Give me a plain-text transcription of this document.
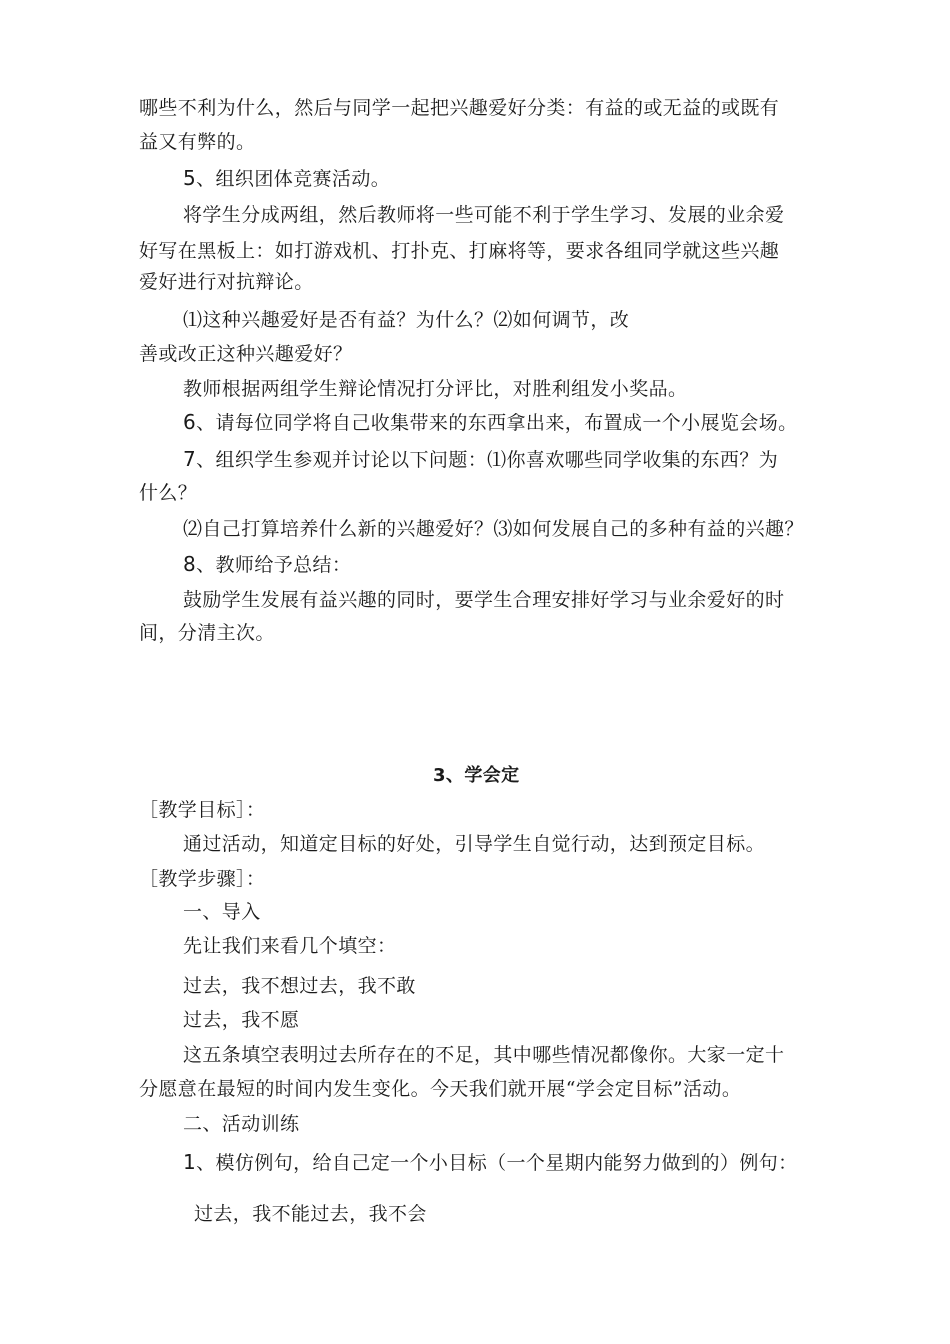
哪些不利为什么，然后与同学一起把兴趣爱好分类：有益的或无益的或既有
益又有弊的。
5、组织团体竞赛活动。
将学生分成两组，然后教师将一些可能不利于学生学习、发展的业余爱
好写在黑板上：如打游戏机、打扑克、打麻将等，要求各组同学就这些兴趣
爱好进行对抗辩论。
⑴这种兴趣爱好是否有益？为什么？⑵如何调节，改
善或改正这种兴趣爱好？
教师根据两组学生辩论情况打分评比，对胜利组发小奖品。
6、请每位同学将自己收集带来的东西拿出来，布置成一个小展览会场。
7、组织学生参观并讨论以下问题：⑴你喜欢哪些同学收集的东西？为
什么？
⑵自己打算培养什么新的兴趣爱好？⑶如何发展自己的多种有益的兴趣？
8、教师给予总结：
鼓励学生发展有益兴趣的同时，要学生合理安排好学习与业余爱好的时
间，分清主次。
3、学会定
［教学目标］：
通过活动，知道定目标的好处，引导学生自觉行动，达到预定目标。
［教学步骤］：
一、导入
先让我们来看几个填空：
过去，我不想过去，我不敢
过去，我不愿
这五条填空表明过去所存在的不足，其中哪些情况都像你。大家一定十
分愿意在最短的时间内发生变化。今天我们就开展“学会定目标”活动。
二、活动训练
1、模仿例句，给自己定一个小目标（一个星期内能努力做到的）例句：
过去，我不能过去，我不会
